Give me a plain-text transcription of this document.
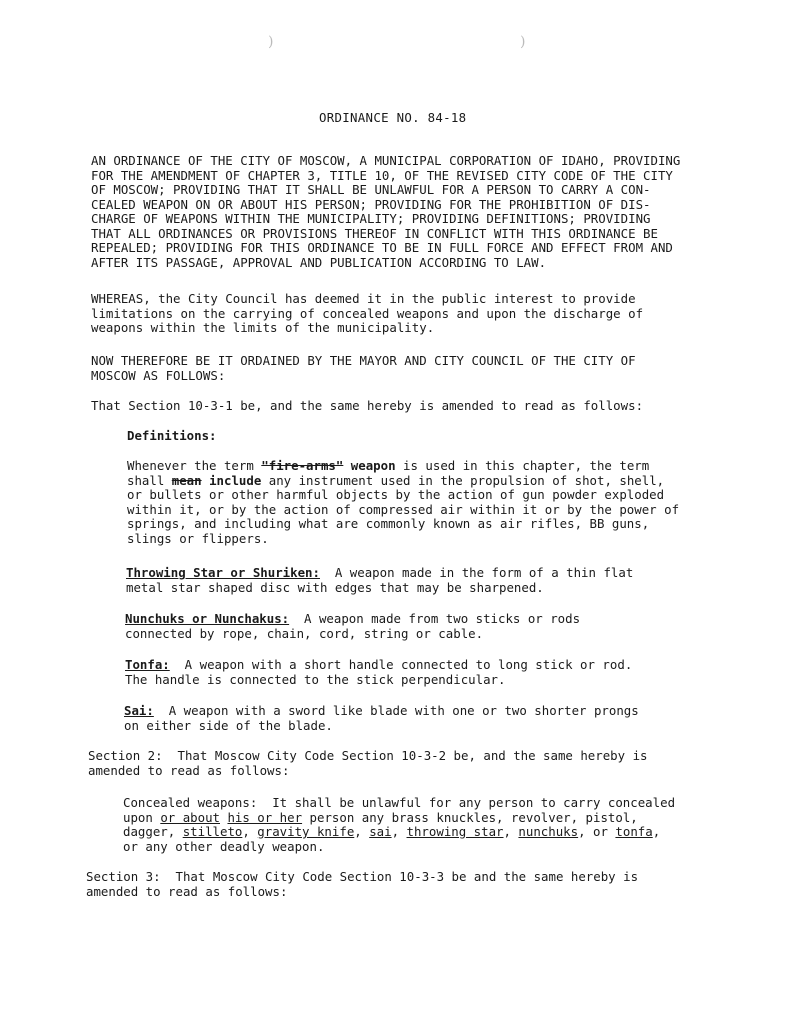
)	)
ORDINANCE NO. 84-18
AN ORDINANCE OF THE CITY OF MOSCOW, A MUNICIPAL CORPORATION OF IDAHO, PROVIDING
FOR THE AMENDMENT OF CHAPTER 3, TITLE 10, OF THE REVISED CITY CODE OF THE CITY
OF MOSCOW; PROVIDING THAT IT SHALL BE UNLAWFUL FOR A PERSON TO CARRY A CON-
CEALED WEAPON ON OR ABOUT HIS PERSON; PROVIDING FOR THE PROHIBITION OF DIS-
CHARGE OF WEAPONS WITHIN THE MUNICIPALITY; PROVIDING DEFINITIONS; PROVIDING
THAT ALL ORDINANCES OR PROVISIONS THEREOF IN CONFLICT WITH THIS ORDINANCE BE
REPEALED; PROVIDING FOR THIS ORDINANCE TO BE IN FULL FORCE AND EFFECT FROM AND
AFTER ITS PASSAGE, APPROVAL AND PUBLICATION ACCORDING TO LAW.
WHEREAS, the City Council has deemed it in the public interest to provide
limitations on the carrying of concealed weapons and upon the discharge of
weapons within the limits of the municipality.
NOW THEREFORE BE IT ORDAINED BY THE MAYOR AND CITY COUNCIL OF THE CITY OF
MOSCOW AS FOLLOWS:
That Section 10-3-1 be, and the same hereby is amended to read as follows:
Definitions:
Whenever the term "fire-arms" weapon is used in this chapter, the term
shall mean include any instrument used in the propulsion of shot, shell,
or bullets or other harmful objects by the action of gun powder exploded
within it, or by the action of compressed air within it or by the power of
springs, and including what are commonly known as air rifles, BB guns,
slings or flippers.
Throwing Star or Shuriken:  A weapon made in the form of a thin flat
metal star shaped disc with edges that may be sharpened.
Nunchuks or Nunchakus:  A weapon made from two sticks or rods
connected by rope, chain, cord, string or cable.
Tonfa:  A weapon with a short handle connected to long stick or rod.
The handle is connected to the stick perpendicular.
Sai:  A weapon with a sword like blade with one or two shorter prongs
on either side of the blade.
Section 2:  That Moscow City Code Section 10-3-2 be, and the same hereby is
amended to read as follows:
Concealed weapons:  It shall be unlawful for any person to carry concealed
upon or about his or her person any brass knuckles, revolver, pistol,
dagger, stilleto, gravity knife, sai, throwing star, nunchuks, or tonfa,
or any other deadly weapon.
Section 3:  That Moscow City Code Section 10-3-3 be and the same hereby is
amended to read as follows:
